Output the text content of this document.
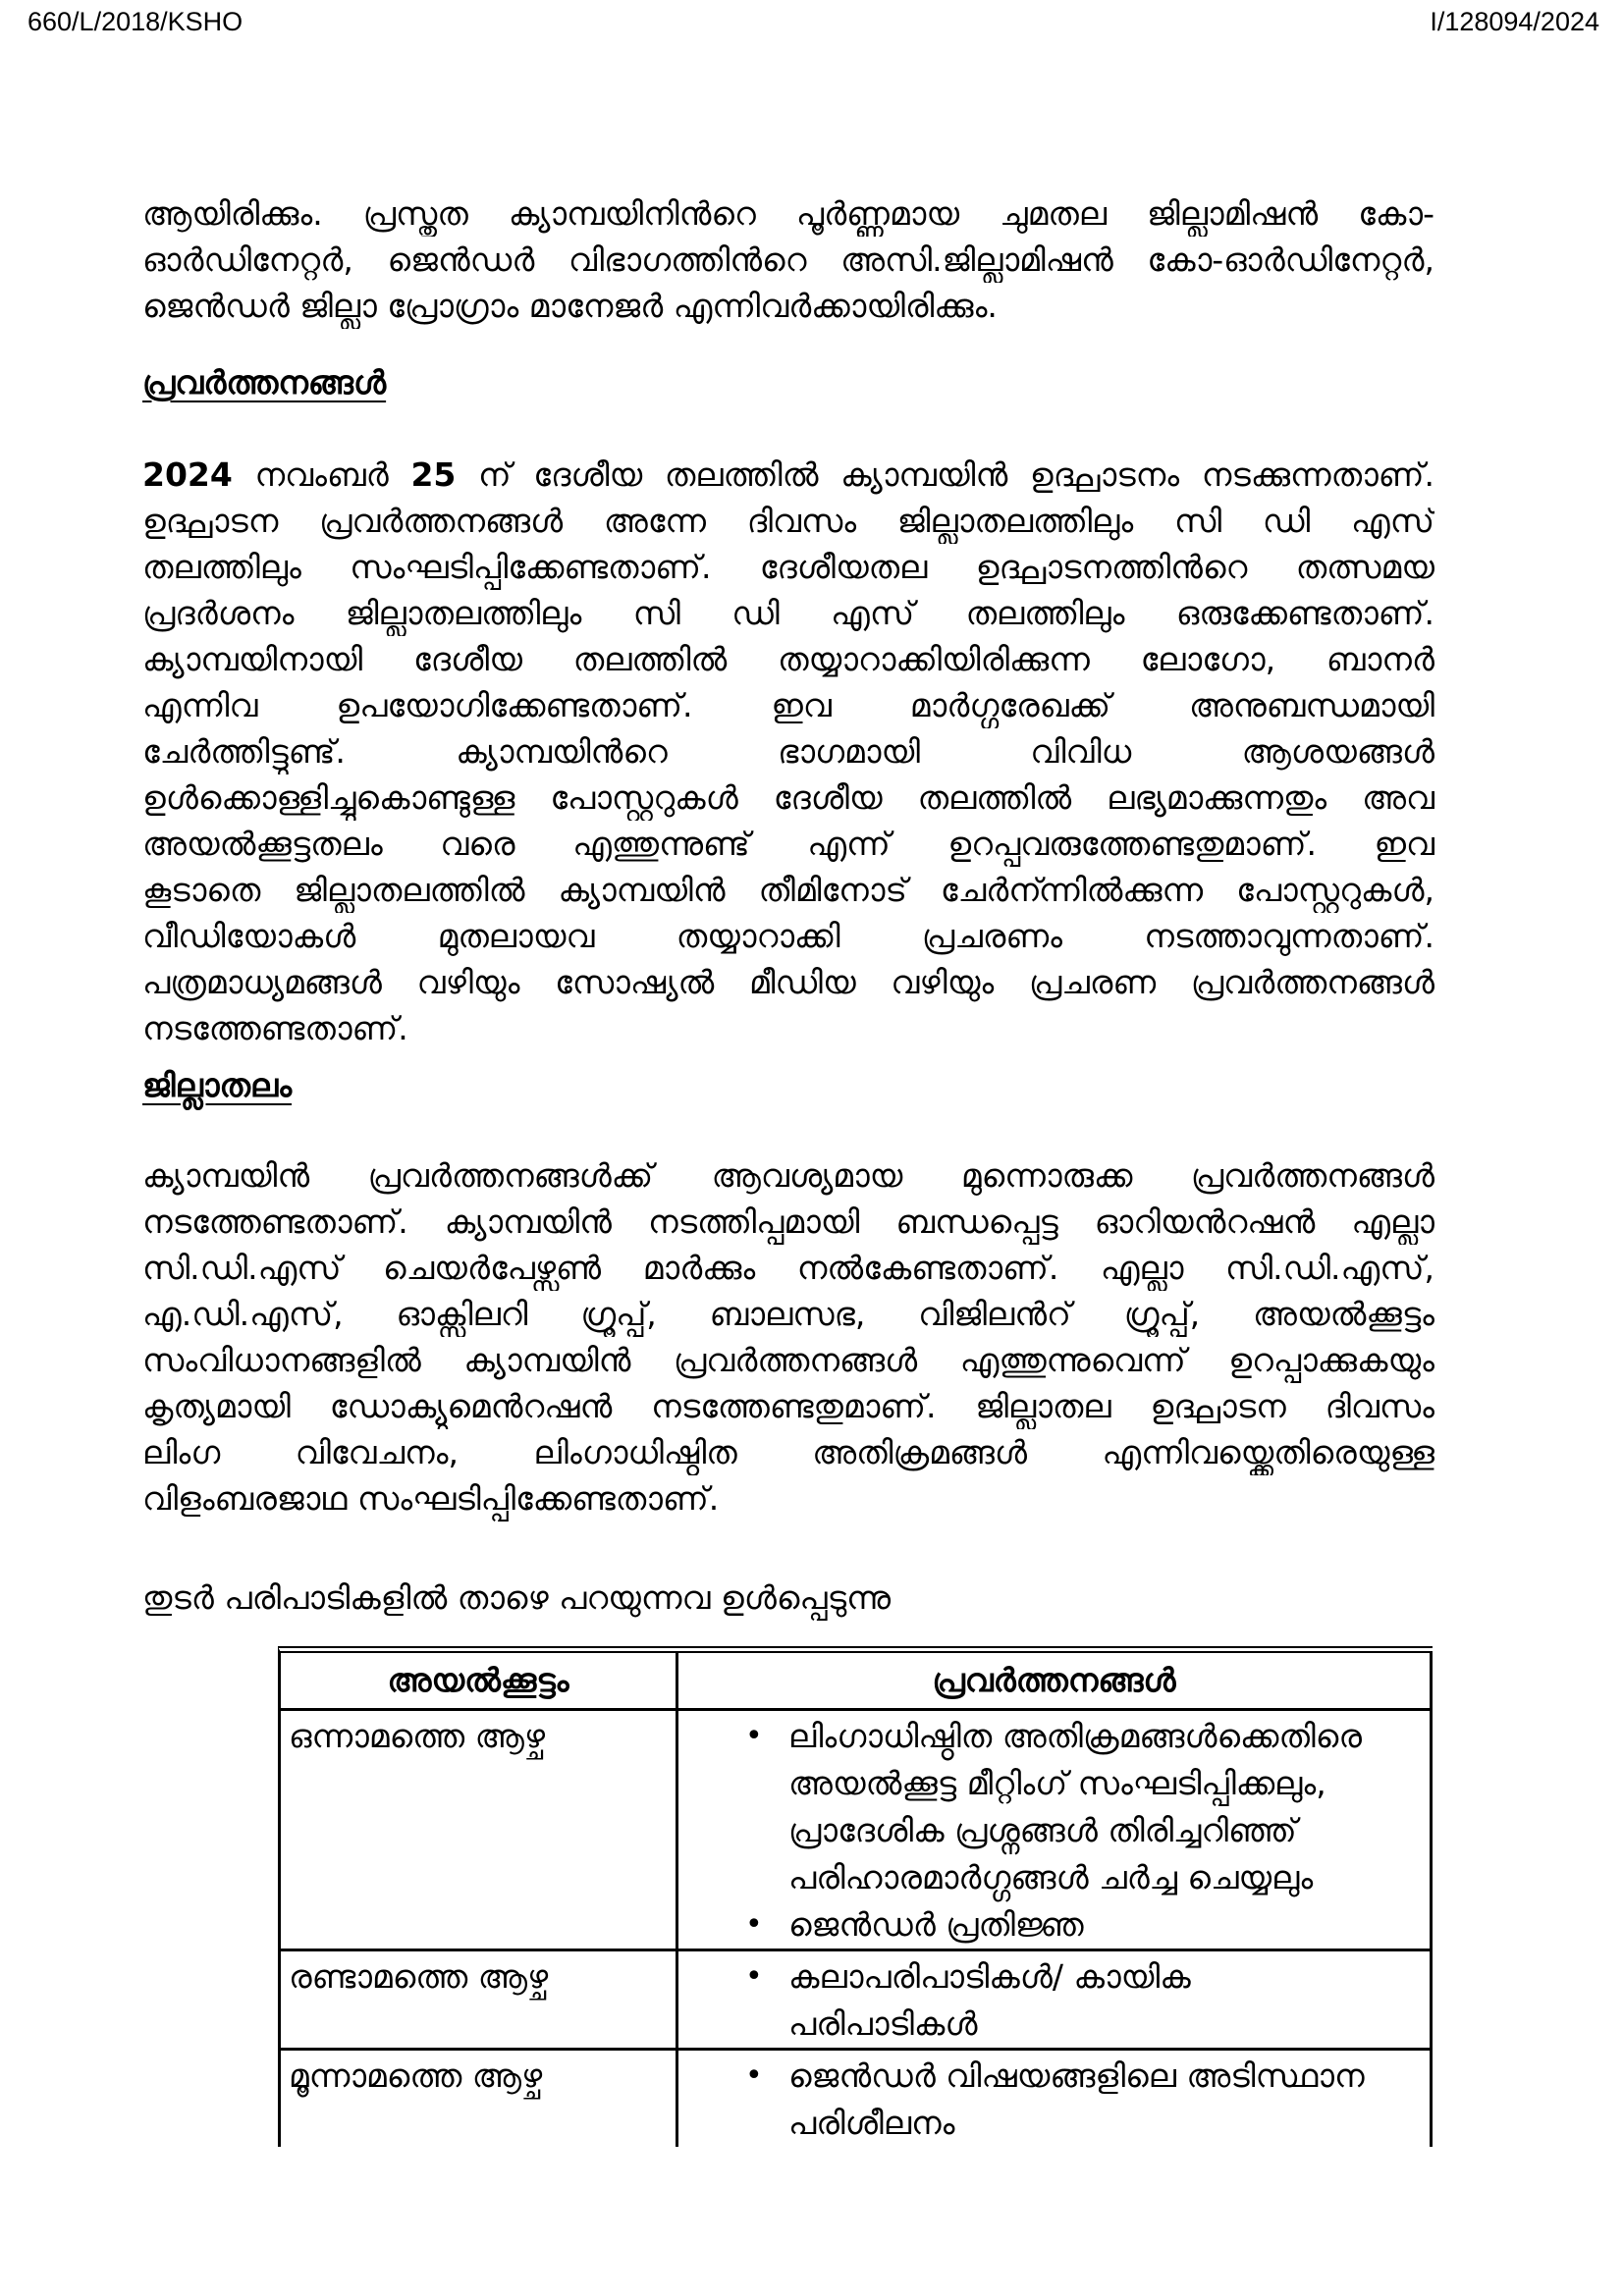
660/L/2018/KSHO	I/128094/2024
ആയിരിക്കും. പ്രസ്തുത ക്യാമ്പയിനിൻറെ പൂർണ്ണമായ ചുമതല ജില്ലാമിഷൻ കോ-
ഓർഡിനേറ്റർ, ജെൻഡർ വിഭാഗത്തിൻറെ അസി.ജില്ലാമിഷൻ കോ-ഓർഡിനേറ്റർ,
ജെൻഡർ ജില്ലാ പ്രോഗ്രാം മാനേജർ എന്നിവർക്കായിരിക്കും.
പ്രവർത്തനങ്ങൾ
2024 നവംബർ 25 ന് ദേശീയ തലത്തിൽ ക്യാമ്പയിൻ ഉദ്ഘാടനം നടക്കുന്നതാണ്.
ഉദ്ഘാടന പ്രവർത്തനങ്ങൾ അന്നേ ദിവസം ജില്ലാതലത്തിലും സി ഡി എസ്
തലത്തിലും സംഘടിപ്പിക്കേണ്ടതാണ്. ദേശീയതല ഉദ്ഘാടനത്തിൻറെ തത്സമയ
പ്രദർശനം ജില്ലാതലത്തിലും സി ഡി എസ് തലത്തിലും ഒരുക്കേണ്ടതാണ്.
ക്യാമ്പയിനായി ദേശീയ തലത്തിൽ തയ്യാറാക്കിയിരിക്കുന്ന ലോഗോ, ബാനർ
എന്നിവ ഉപയോഗിക്കേണ്ടതാണ്. ഇവ മാർഗ്ഗരേഖക്ക് അനുബന്ധമായി
ചേർത്തിട്ടുണ്ട്. ക്യാമ്പയിൻറെ ഭാഗമായി വിവിധ ആശയങ്ങൾ
ഉൾക്കൊള്ളിച്ചുകൊണ്ടുള്ള പോസ്റ്ററുകൾ ദേശീയ തലത്തിൽ ലഭ്യമാക്കുന്നതും അവ
അയൽക്കൂട്ടതലം വരെ എത്തുന്നുണ്ട് എന്ന് ഉറപ്പുവരുത്തേണ്ടതുമാണ്. ഇവ
കൂടാതെ ജില്ലാതലത്തിൽ ക്യാമ്പയിൻ തീമിനോട് ചേർന്ന്നിൽക്കുന്ന പോസ്റ്ററുകൾ,
വീഡിയോകൾ മുതലായവ തയ്യാറാക്കി പ്രചരണം നടത്താവുന്നതാണ്.
പത്രമാധ്യമങ്ങൾ വഴിയും സോഷ്യൽ മീഡിയ വഴിയും പ്രചരണ പ്രവർത്തനങ്ങൾ
നടത്തേണ്ടതാണ്.
ജില്ലാതലം
ക്യാമ്പയിൻ പ്രവർത്തനങ്ങൾക്ക് ആവശ്യമായ മുന്നൊരുക്ക പ്രവർത്തനങ്ങൾ
നടത്തേണ്ടതാണ്. ക്യാമ്പയിൻ നടത്തിപ്പുമായി ബന്ധപ്പെട്ട ഓറിയൻറഷൻ എല്ലാ
സി.ഡി.എസ് ചെയർപേഴ്സൺ മാർക്കും നൽകേണ്ടതാണ്. എല്ലാ സി.ഡി.എസ്,
എ.ഡി.എസ്, ഓക്സിലറി ഗ്രൂപ്പ്, ബാലസഭ, വിജിലൻറ് ഗ്രൂപ്പ്, അയൽക്കൂട്ടം
സംവിധാനങ്ങളിൽ ക്യാമ്പയിൻ പ്രവർത്തനങ്ങൾ എത്തുന്നുവെന്ന് ഉറപ്പാക്കുകയും
കൃത്യമായി ഡോക്യുമെൻറഷൻ നടത്തേണ്ടതുമാണ്. ജില്ലാതല ഉദ്ഘാടന ദിവസം
ലിംഗ വിവേചനം, ലിംഗാധിഷ്ഠിത അതിക്രമങ്ങൾ എന്നിവയ്ക്കെതിരെയുള്ള
വിളംബരജാഥ സംഘടിപ്പിക്കേണ്ടതാണ്.
തുടർ പരിപാടികളിൽ താഴെ പറയുന്നവ ഉൾപ്പെടുന്നു
അയൽക്കൂട്ടം	പ്രവർത്തനങ്ങൾ

ഒന്നാമത്തെ ആഴ്ച	• ലിംഗാധിഷ്ഠിത അതിക്രമങ്ങൾക്കെതിരെ അയൽക്കൂട്ട മീറ്റിംഗ് സംഘടിപ്പിക്കലും, പ്രാദേശിക പ്രശ്നങ്ങൾ തിരിച്ചറിഞ്ഞ് പരിഹാരമാർഗ്ഗങ്ങൾ ചർച്ച ചെയ്യലും
• ജെൻഡർ പ്രതിജ്ഞ

രണ്ടാമത്തെ ആഴ്ച	• കലാപരിപാടികൾ/ കായിക പരിപാടികൾ

മൂന്നാമത്തെ ആഴ്ച	• ജെൻഡർ വിഷയങ്ങളിലെ അടിസ്ഥാന പരിശീലനം
